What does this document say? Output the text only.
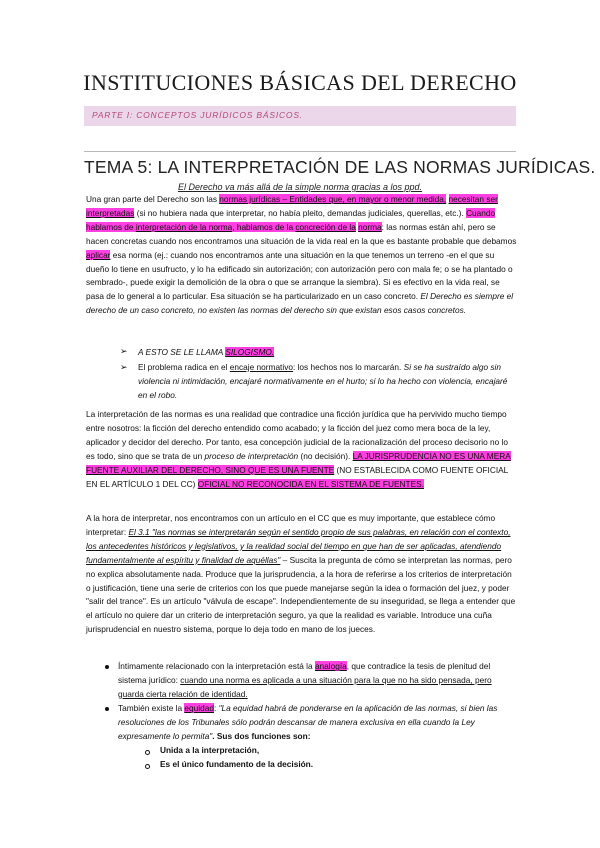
INSTITUCIONES BÁSICAS DEL DERECHO
PARTE I: CONCEPTOS JURÍDICOS BÁSICOS.
TEMA 5: LA INTERPRETACIÓN DE LAS NORMAS JURÍDICAS.
El Derecho va más allá de la simple norma gracias a los ppd.
Una gran parte del Derecho son las normas jurídicas – Entidades que, en mayor o menor medida, necesitan ser interpretadas (si no hubiera nada que interpretar, no había pleito, demandas judiciales, querellas, etc.). Cuando hablamos de interpretación de la norma, hablamos de la concreción de la norma: las normas están ahí, pero se hacen concretas cuando nos encontramos una situación de la vida real en la que es bastante probable que debamos aplicar esa norma (ej.: cuando nos encontramos ante una situación en la que tenemos un terreno -en el que su dueño lo tiene en usufructo, y lo ha edificado sin autorización; con autorización pero con mala fe; o se ha plantado o sembrado-, puede exigir la demolición de la obra o que se arranque la siembra). Si es efectivo en la vida real, se pasa de lo general a lo particular. Esa situación se ha particularizado en un caso concreto. El Derecho es siempre el derecho de un caso concreto, no existen las normas del derecho sin que existan esos casos concretos.
➢ A ESTO SE LE LLAMA SILOGISMO.
➢ El problema radica en el encaje normativo: los hechos nos lo marcarán. Si se ha sustraído algo sin violencia ni intimidación, encajaré normativamente en el hurto; si lo ha hecho con violencia, encajaré en el robo.
La interpretación de las normas es una realidad que contradice una ficción jurídica que ha pervivido mucho tiempo entre nosotros: la ficción del derecho entendido como acabado; y la ficción del juez como mera boca de la ley, aplicador y decidor del derecho. Por tanto, esa concepción judicial de la racionalización del proceso decisorio no lo es todo, sino que se trata de un proceso de interpretación (no decisión). LA JURISPRUDENCIA NO ES UNA MERA FUENTE AUXILIAR DEL DERECHO, SINO QUE ES UNA FUENTE (NO ESTABLECIDA COMO FUENTE OFICIAL EN EL ARTÍCULO 1 DEL CC) OFICIAL NO RECONOCIDA EN EL SISTEMA DE FUENTES.
A la hora de interpretar, nos encontramos con un artículo en el CC que es muy importante, que establece cómo interpretar: El 3.1 "las normas se interpretarán según el sentido propio de sus palabras, en relación con el contexto, los antecedentes históricos y legislativos, y la realidad social del tiempo en que han de ser aplicadas, atendiendo fundamentalmente al espíritu y finalidad de aquéllas" – Suscita la pregunta de cómo se interpretan las normas, pero no explica absolutamente nada. Produce que la jurisprudencia, a la hora de referirse a los criterios de interpretación o justificación, tiene una serie de criterios con los que puede manejarse según la idea o formación del juez, y poder "salir del trance". Es un artículo "válvula de escape". Independientemente de su inseguridad, se llega a entender que el artículo no quiere dar un criterio de interpretación seguro, ya que la realidad es variable. Introduce una cuña jurisprudencial en nuestro sistema, porque lo deja todo en mano de los jueces.
Íntimamente relacionado con la interpretación está la analogía, que contradice la tesis de plenitud del sistema jurídico: cuando una norma es aplicada a una situación para la que no ha sido pensada, pero guarda cierta relación de identidad.
También existe la equidad: "La equidad habrá de ponderarse en la aplicación de las normas, si bien las resoluciones de los Tribunales sólo podrán descansar de manera exclusiva en ella cuando la Ley expresamente lo permita". Sus dos funciones son:
Unida a la interpretación,
Es el único fundamento de la decisión.
